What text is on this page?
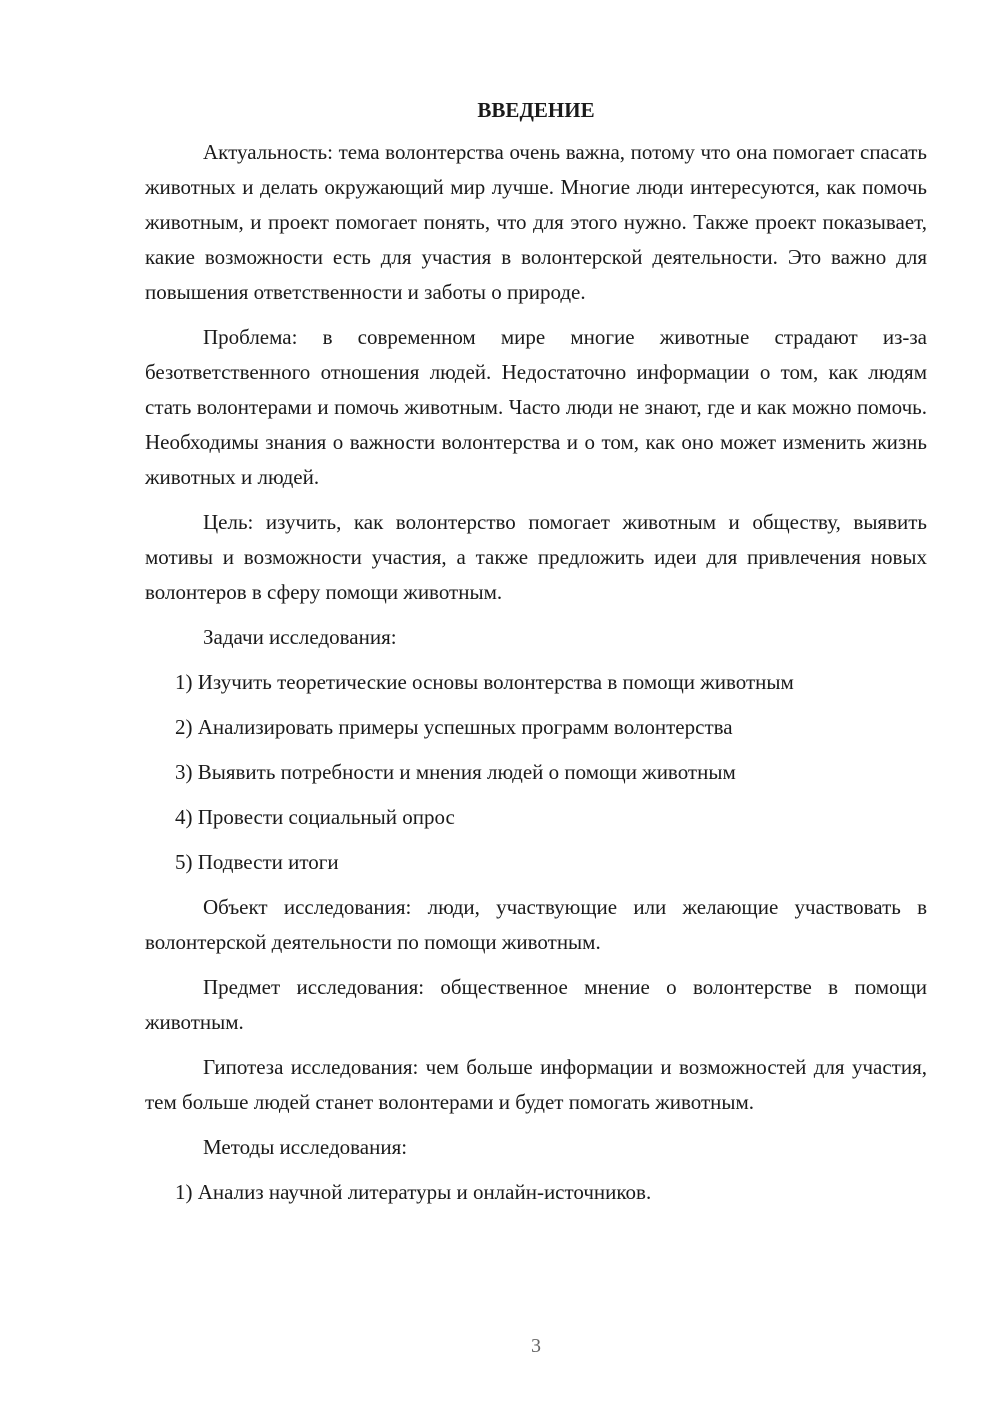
ВВЕДЕНИЕ

Актуальность: тема волонтерства очень важна, потому что она помогает спасать животных и делать окружающий мир лучше. Многие люди интересуются, как помочь животным, и проект помогает понять, что для этого нужно. Также проект показывает, какие возможности есть для участия в волонтерской деятельности. Это важно для повышения ответственности и заботы о природе.

Проблема: в современном мире многие животные страдают из-за безответственного отношения людей. Недостаточно информации о том, как людям стать волонтерами и помочь животным. Часто люди не знают, где и как можно помочь. Необходимы знания о важности волонтерства и о том, как оно может изменить жизнь животных и людей.

Цель: изучить, как волонтерство помогает животным и обществу, выявить мотивы и возможности участия, а также предложить идеи для привлечения новых волонтеров в сферу помощи животным.

Задачи исследования:

1) Изучить теоретические основы волонтерства в помощи животным
2) Анализировать примеры успешных программ волонтерства
3) Выявить потребности и мнения людей о помощи животным
4) Провести социальный опрос
5) Подвести итоги

Объект исследования: люди, участвующие или желающие участвовать в волонтерской деятельности по помощи животным.

Предмет исследования: общественное мнение о волонтерстве в помощи животным.

Гипотеза исследования: чем больше информации и возможностей для участия, тем больше людей станет волонтерами и будет помогать животным.

Методы исследования:

1) Анализ научной литературы и онлайн-источников.
3
